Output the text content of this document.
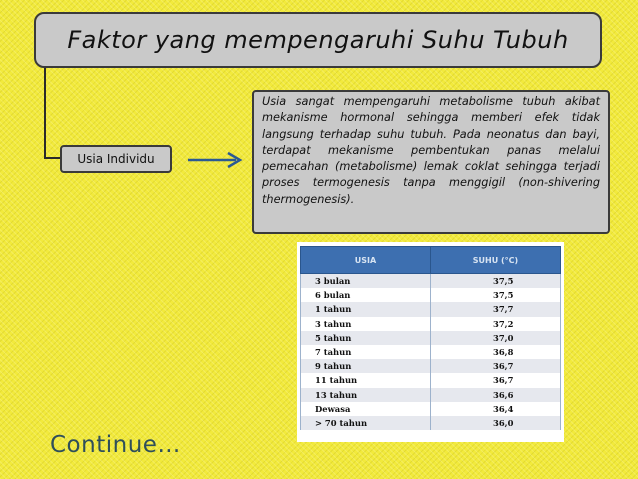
Faktor yang mempengaruhi Suhu Tubuh
Usia Individu

Usia sangat mempengaruhi metabolisme tubuh akibat mekanisme hormonal sehingga memberi efek tidak langsung terhadap suhu tubuh. Pada neonatus dan bayi, terdapat mekanisme pembentukan panas melalui pemecahan (metabolisme) lemak coklat sehingga terjadi proses termogenesis tanpa menggigil (non-shivering thermogenesis).

USIA	SUHU (°C)
3 bulan	37,5
6 bulan	37,5
1 tahun	37,7
3 tahun	37,2
5 tahun	37,0
7 tahun	36,8
9 tahun	36,7
11 tahun	36,7
13 tahun	36,6
Dewasa	36,4
> 70 tahun	36,0
Continue…
